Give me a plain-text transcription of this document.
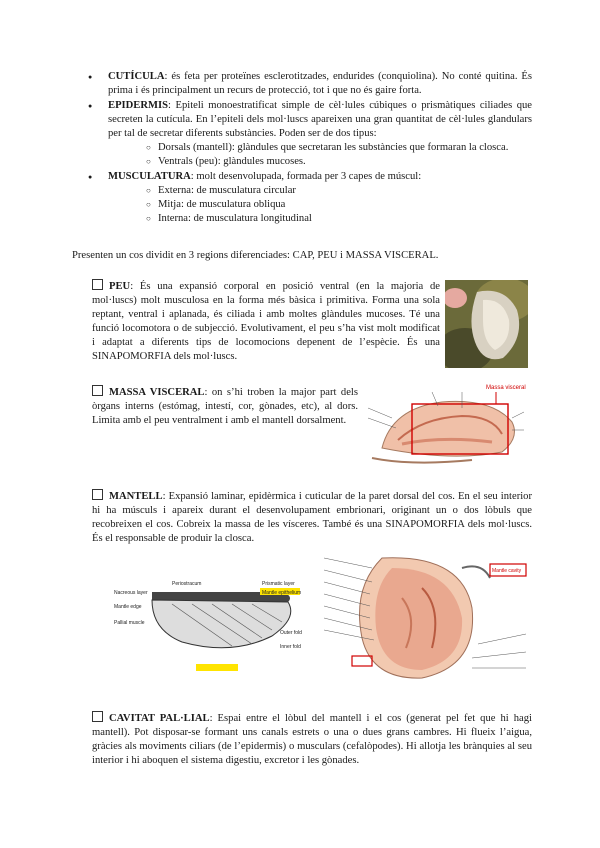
● CUTÍCULA: és feta per proteïnes esclerotitzades, endurides (conquiolina). No conté quitina. És prima i és principalment un recurs de protecció, tot i que no és gaire forta.
● EPIDERMIS: Epiteli monoestratificat simple de cèl·lules cúbiques o prismàtiques ciliades que secreten la cutícula. En l’epiteli dels mol·luscs apareixen una gran quantitat de cèl·lules glandulars per tal de secretar diferents substàncies. Poden ser de dos tipus:
○ Dorsals (mantell): glàndules que secretaran les substàncies que formaran la closca.
○ Ventrals (peu): glàndules mucoses.
● MUSCULATURA: molt desenvolupada, formada per 3 capes de múscul:
○ Externa: de musculatura circular
○ Mitja: de musculatura obliqua
○ Interna: de musculatura longitudinal
Presenten un cos dividit en 3 regions diferenciades: CAP, PEU i MASSA VISCERAL.
PEU: És una expansió corporal en posició ventral (en la majoria de mol·luscs) molt musculosa en la forma més bàsica i primitiva. Forma una sola reptant, ventral i aplanada, és ciliada i amb moltes glàndules mucoses. Té una funció locomotora o de subjecció. Evolutivament, el peu s’ha vist molt modificat i adaptat a diferents tips de locomocions depenent de l’espècie. És una SINAPOMORFIA dels mol·luscs.
MASSA VISCERAL: on s’hi troben la major part dels òrgans interns (estómag, intestí, cor, gònades, etc), al dors. Limita amb el peu ventralment i amb el mantell dorsalment.
Massa visceral
MANTELL: Expansió laminar, epidèrmica i cuticular de la paret dorsal del cos. En el seu interior hi ha músculs i apareix durant el desenvolupament embrionari, originant un o dos lòbuls que recobreixen el cos. Cobreix la massa de les vísceres. També és una SINAPOMORFIA dels mol·luscs. És el responsable de produir la closca.
Periostracum	Prismatic layer
Mantle epithelium
Nacreous layer
Mantle edge
Pallial muscle
Outer fold
Inner fold
Mantle cavity
CAVITAT PAL·LIAL: Espai entre el lòbul del mantell i el cos (generat pel fet que hi hagi mantell). Pot disposar-se formant uns canals estrets o una o dues grans cambres. Hi flueix l’aigua, gràcies als moviments ciliars (de l’epidermis) o musculars (cefalòpodes). Hi allotja les brànquies al seu interior i hi aboquen el sistema digestiu, excretor i les gònades.
